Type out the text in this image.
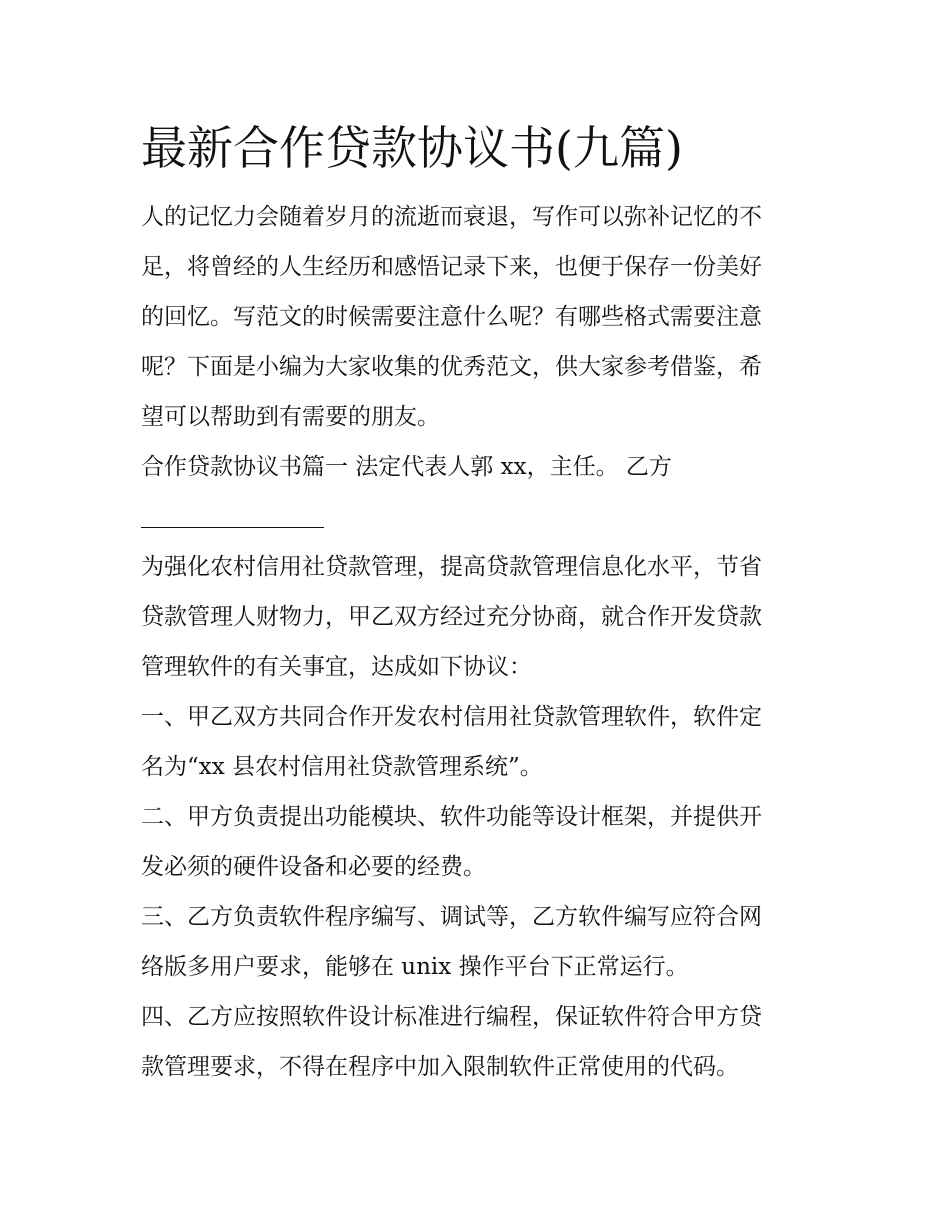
最新合作贷款协议书(九篇)

人的记忆力会随着岁月的流逝而衰退，写作可以弥补记忆的不
足，将曾经的人生经历和感悟记录下来，也便于保存一份美好
的回忆。写范文的时候需要注意什么呢？有哪些格式需要注意
呢？下面是小编为大家收集的优秀范文，供大家参考借鉴，希
望可以帮助到有需要的朋友。

合作贷款协议书篇一 法定代表人郭 xx，主任。 乙方

为强化农村信用社贷款管理，提高贷款管理信息化水平，节省
贷款管理人财物力，甲乙双方经过充分协商，就合作开发贷款
管理软件的有关事宜，达成如下协议：

一、甲乙双方共同合作开发农村信用社贷款管理软件，软件定
名为“xx 县农村信用社贷款管理系统”。

二、甲方负责提出功能模块、软件功能等设计框架，并提供开
发必须的硬件设备和必要的经费。

三、乙方负责软件程序编写、调试等，乙方软件编写应符合网
络版多用户要求，能够在 unix 操作平台下正常运行。

四、乙方应按照软件设计标准进行编程，保证软件符合甲方贷
款管理要求，不得在程序中加入限制软件正常使用的代码。
